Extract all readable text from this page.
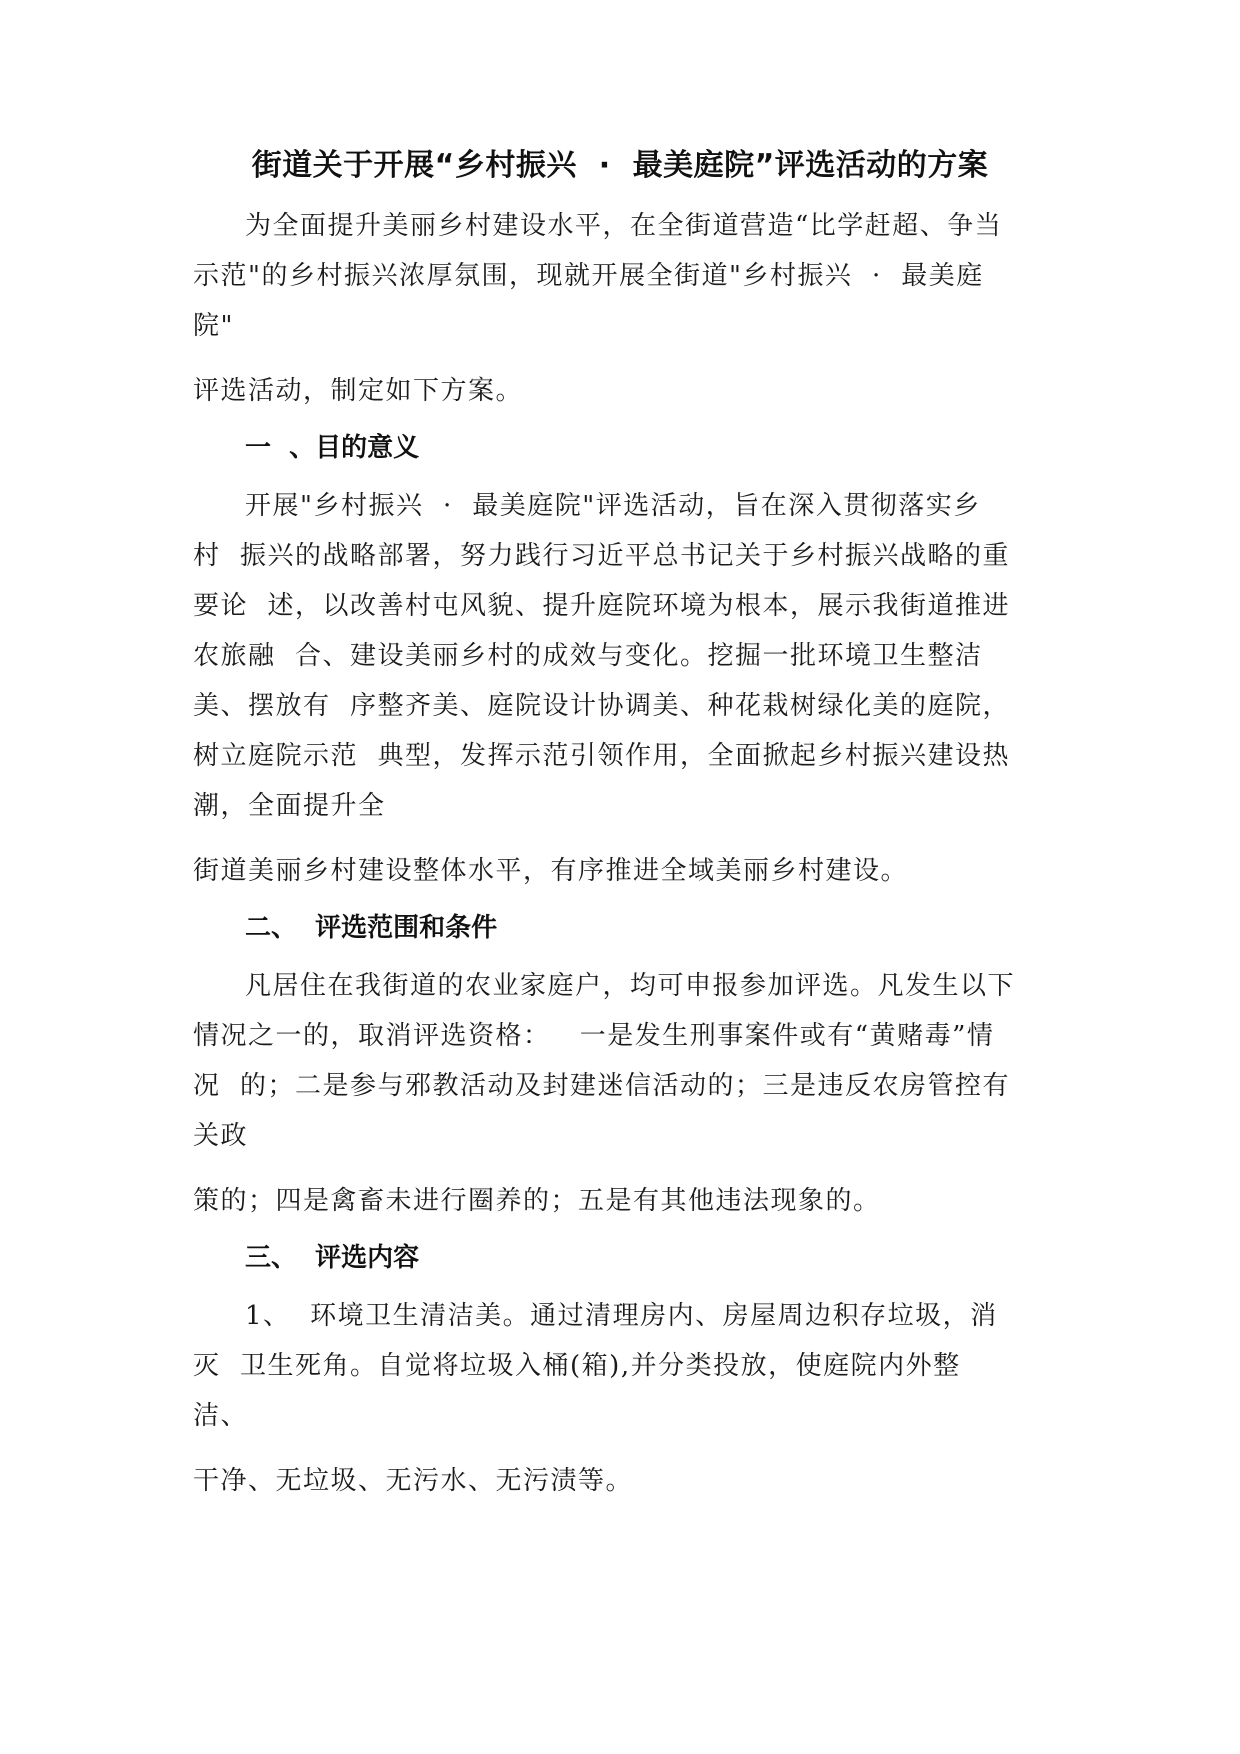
街道关于开展“乡村振兴  ·  最美庭院”评选活动的方案
为全面提升美丽乡村建设水平，在全街道营造“比学赶超、争当
示范"的乡村振兴浓厚氛围，现就开展全街道"乡村振兴  ·  最美庭
院"
评选活动，制定如下方案。
一  、目的意义
开展"乡村振兴  ·  最美庭院"评选活动，旨在深入贯彻落实乡
村  振兴的战略部署，努力践行习近平总书记关于乡村振兴战略的重
要论  述，以改善村屯风貌、提升庭院环境为根本，展示我街道推进
农旅融  合、建设美丽乡村的成效与变化。挖掘一批环境卫生整洁
美、摆放有  序整齐美、庭院设计协调美、种花栽树绿化美的庭院，
树立庭院示范  典型，发挥示范引领作用，全面掀起乡村振兴建设热
潮，全面提升全
街道美丽乡村建设整体水平，有序推进全域美丽乡村建设。
二、  评选范围和条件
凡居住在我街道的农业家庭户，均可申报参加评选。凡发生以下
情况之一的，取消评选资格：   一是发生刑事案件或有“黄赌毒”情
况  的；二是参与邪教活动及封建迷信活动的；三是违反农房管控有
关政
策的；四是禽畜未进行圈养的；五是有其他违法现象的。
三、  评选内容
1、  环境卫生清洁美。通过清理房内、房屋周边积存垃圾，消
灭  卫生死角。自觉将垃圾入桶(箱),并分类投放，使庭院内外整
洁、
干净、无垃圾、无污水、无污渍等。
